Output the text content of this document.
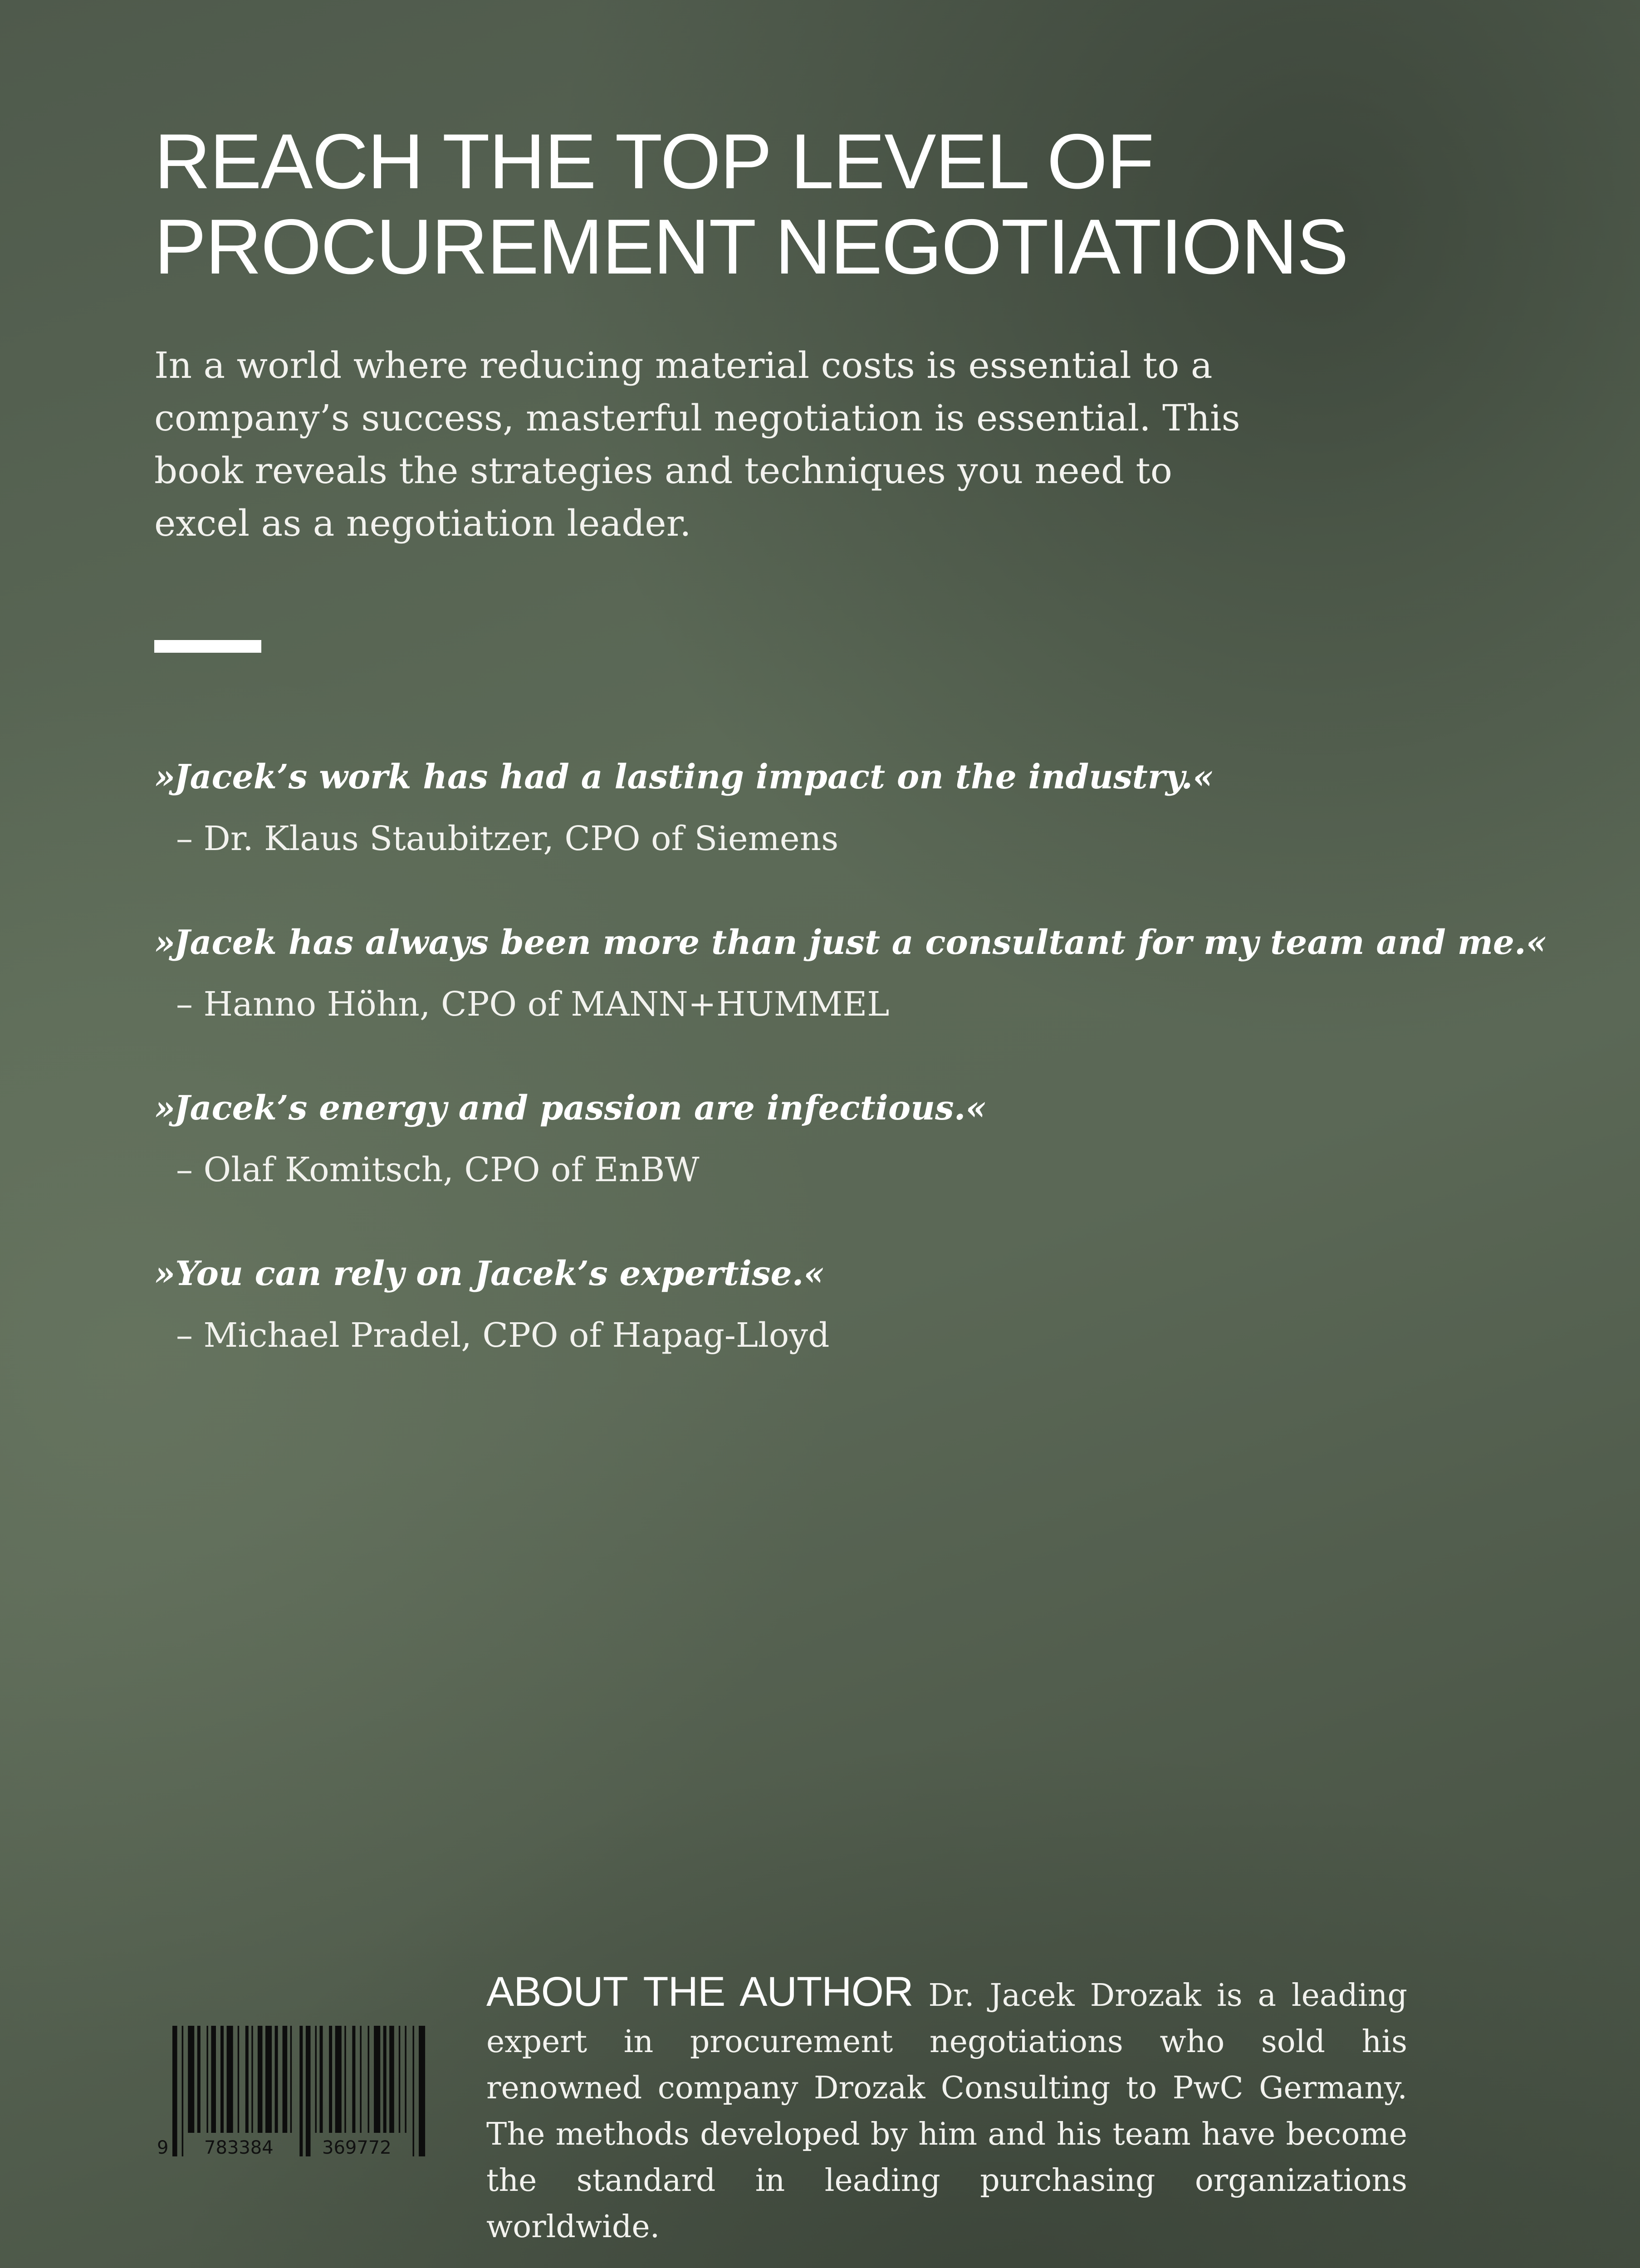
REACH THE TOP LEVEL OF
PROCUREMENT NEGOTIATIONS

In a world where reducing material costs is essential to a company’s success, masterful negotiation is essential. This book reveals the strategies and techniques you need to excel as a negotiation leader.

»Jacek’s work has had a lasting impact on the industry.«

– Dr. Klaus Staubitzer, CPO of Siemens

»Jacek has always been more than just a consultant for my team and me.«

– Hanno Höhn, CPO of MANN+HUMMEL

»Jacek’s energy and passion are infectious.«

– Olaf Komitsch, CPO of EnBW

»You can rely on Jacek’s expertise.«

– Michael Pradel, CPO of Hapag-Lloyd

9 783384	369772

ABOUT THE AUTHOR Dr. Jacek Drozak is a leading expert in procurement negotiations who sold his renowned company Drozak Consulting to PwC Germany. The methods developed by him and his team have become the standard in leading purchasing organizations worldwide.
